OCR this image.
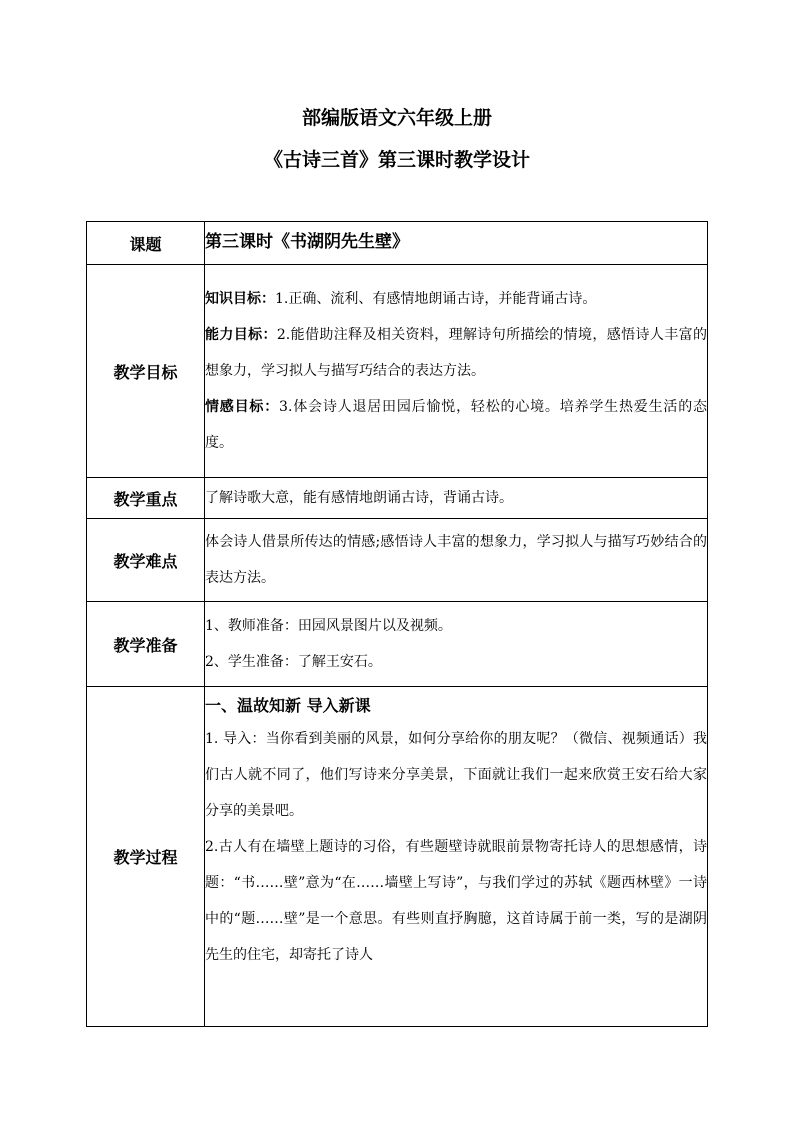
部编版语文六年级上册
《古诗三首》第三课时教学设计
课题	第三课时《书湖阴先生壁》
教学目标	知识目标：1.正确、流利、有感情地朗诵古诗，并能背诵古诗。

能力目标：2.能借助注释及相关资料，理解诗句所描绘的情境，感悟诗人丰富的想象力，学习拟人与描写巧结合的表达方法。

情感目标：3.体会诗人退居田园后愉悦，轻松的心境。培养学生热爱生活的态度。

教学重点	了解诗歌大意，能有感情地朗诵古诗，背诵古诗。
教学难点	体会诗人借景所传达的情感;感悟诗人丰富的想象力，学习拟人与描写巧妙结合的表达方法。
教学准备	1、教师准备：田园风景图片以及视频。

2、学生准备：了解王安石。

教学过程	一、温故知新 导入新课

1. 导入：当你看到美丽的风景，如何分享给你的朋友呢？（微信、视频通话）我们古人就不同了，他们写诗来分享美景，下面就让我们一起来欣赏王安石给大家分享的美景吧。

2.古人有在墙壁上题诗的习俗，有些题壁诗就眼前景物寄托诗人的思想感情，诗题：“书……壁”意为“在……墙壁上写诗”，与我们学过的苏轼《题西林壁》一诗中的“题……壁”是一个意思。有些则直抒胸臆，这首诗属于前一类，写的是湖阴先生的住宅，却寄托了诗人
